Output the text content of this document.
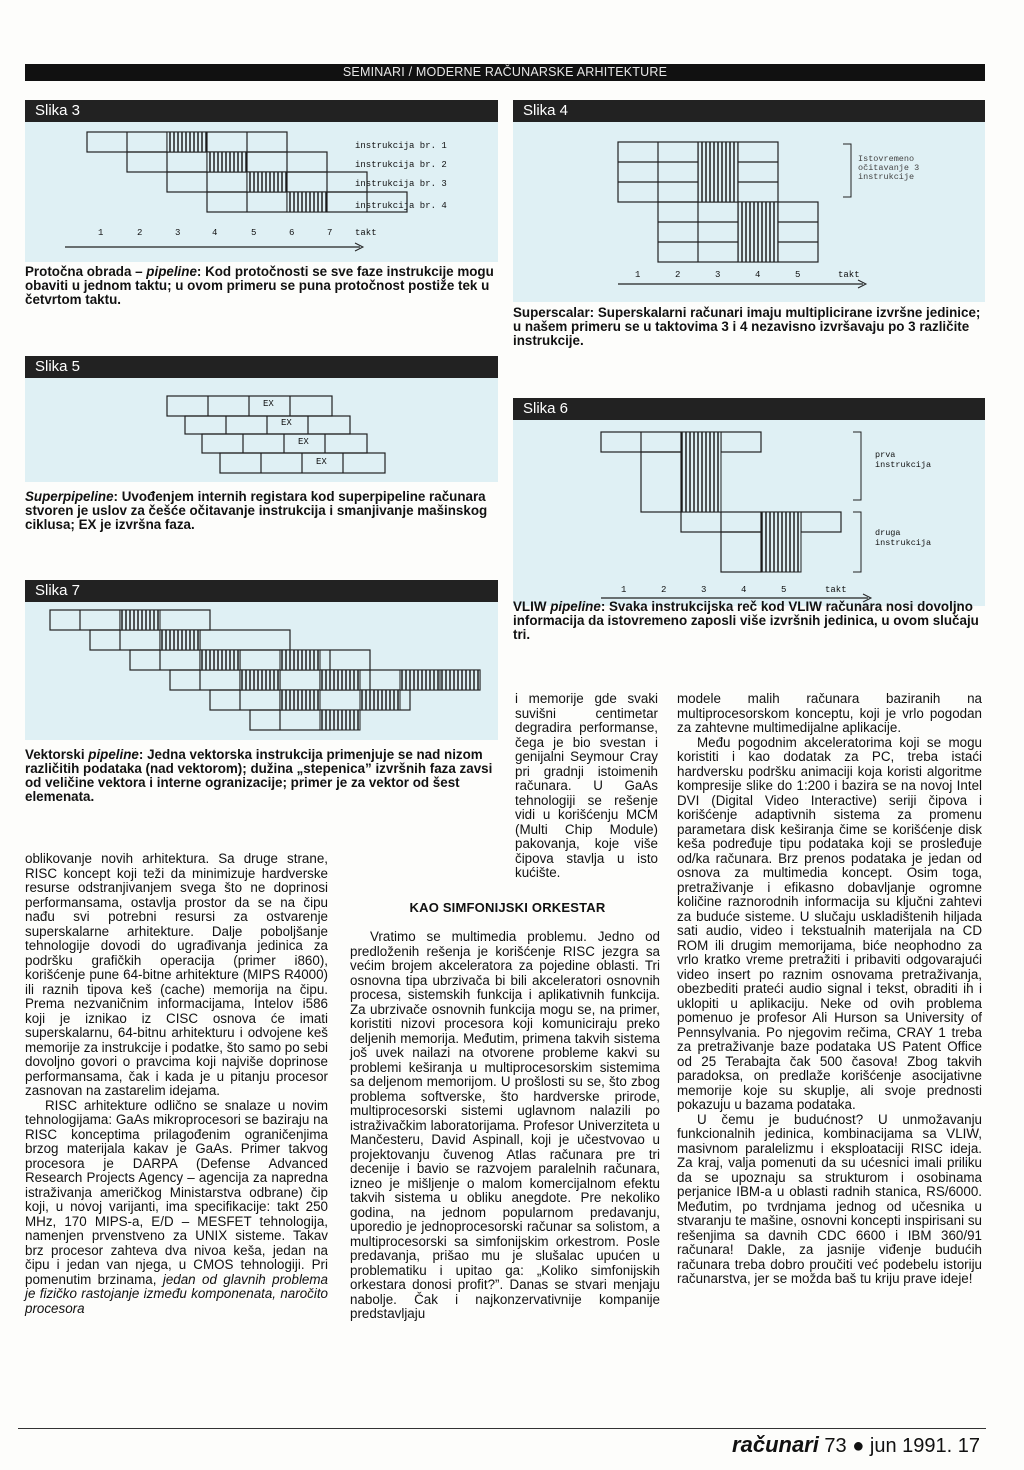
SEMINARI / MODERNE RAČUNARSKE ARHITEKTURE
Slika 3
instrukcija br. 1
instrukcija br. 2
instrukcija br. 3
instrukcija br. 4
1	2	3	4	5	6	7	takt
Protočna obrada – pipeline: Kod protočnosti se sve faze instrukcije mogu obaviti u jednom taktu; u ovom primeru se puna protočnost postiže tek u četvrtom taktu.
Slika 4
Istovremeno očitavanje 3 instrukcije
1	2	3	4	5	takt
Superscalar: Superskalarni računari imaju multiplicirane izvršne jedinice; u našem primeru se u taktovima 3 i 4 nezavisno izvršavaju po 3 različite instrukcije.
Slika 5
EX
EX
EX
EX
Superpipeline: Uvođenjem internih registara kod superpipeline računara stvoren je uslov za češće očitavanje instrukcija i smanjivanje mašinskog ciklusa; EX je izvršna faza.
Slika 6
prva instrukcija
druga instrukcija
1	2	3	4	5	takt
VLIW pipeline: Svaka instrukcijska reč kod VLIW računara nosi dovoljno informacija da istovremeno zaposli više izvršnih jedinica, u ovom slučaju tri.
Slika 7
Vektorski pipeline: Jedna vektorska instrukcija primenjuje se nad nizom različitih podataka (nad vektorom); dužina „stepenica” izvršnih faza zavsi od veličine vektora i interne ogranizacije; primer je za vektor od šest elemenata.

oblikovanje novih arhitektura. Sa druge strane, RISC koncept koji teži da minimizuje hardverske resurse odstranjivanjem svega što ne doprinosi performansama, ostavlja prostor da se na čipu nađu svi potrebni resursi za ostvarenje superskalarne arhitekture. Dalje poboljšanje tehnologije dovodi do ugrađivanja jedinica za podršku grafičkih operacija (primer i860), korišćenje pune 64-bitne arhitekture (MIPS R4000) ili raznih tipova keš (cache) memorija na čipu. Prema nezvaničnim informacijama, Intelov i586 koji je iznikao iz CISC osnova će imati superskalarnu, 64-bitnu arhitekturu i odvojene keš memorije za instrukcije i podatke, što samo po sebi dovoljno govori o pravcima koji najviše doprinose performansama, čak i kada je u pitanju procesor zasnovan na zastarelim idejama.

RISC arhitekture odlično se snalaze u novim tehnologijama: GaAs mikroprocesori se baziraju na RISC konceptima prilagođenim ograničenjima brzog materijala kakav je GaAs. Primer takvog procesora je DARPA (Defense Advanced Research Projects Agency – agencija za napredna istraživanja američkog Ministarstva odbrane) čip koji, u novoj varijanti, ima specifikacije: takt 250 MHz, 170 MIPS-a, E/D – MESFET tehnologija, namenjen prvenstveno za UNIX sisteme. Takav brz procesor zahteva dva nivoa keša, jedan na čipu i jedan van njega, u CMOS tehnologiji. Pri pomenutim brzinama, jedan od glavnih problema je fizičko rastojanje između komponenata, naročito procesora

i memorije gde svaki suvišni centimetar degradira performanse, čega je bio svestan i genijalni Seymour Cray pri gradnji istoimenih računara. U GaAs tehnologiji se rešenje vidi u korišćenju MCM (Multi Chip Module) pakovanja, koje više čipova stavlja u isto kućište.
KAO SIMFONIJSKI ORKESTAR

Vratimo se multimedia problemu. Jedno od predloženih rešenja je korišćenje RISC jezgra sa većim brojem akceleratora za pojedine oblasti. Tri osnovna tipa ubrzivača bi bili akceleratori osnovnih procesa, sistemskih funkcija i aplikativnih funkcija. Za ubrzivače osnovnih funkcija mogu se, na primer, koristiti nizovi procesora koji komuniciraju preko deljenih memorija. Međutim, primena takvih sistema još uvek nailazi na otvorene probleme kakvi su problemi keširanja u multiprocesorskim sistemima sa deljenom memorijom. U prošlosti su se, što zbog problema softverske, što hardverske prirode, multiprocesorski sistemi uglavnom nalazili po istraživačkim laboratorijama. Profesor Univerziteta u Mančesteru, David Aspinall, koji je učestvovao u projektovanju čuvenog Atlas računara pre tri decenije i bavio se razvojem paralelnih računara, izneo je mišljenje o malom komercijalnom efektu takvih sistema u obliku anegdote. Pre nekoliko godina, na jednom popularnom predavanju, uporedio je jednoprocesorski računar sa solistom, a multiprocesorski sa simfonijskim orkestrom. Posle predavanja, prišao mu je slušalac upućen u problematiku i upitao ga: „Koliko simfonijskih orkestara donosi profit?”. Danas se stvari menjaju nabolje. Čak i najkonzervativnije kompanije predstavljaju

modele malih računara baziranih na multiprocesorskom konceptu, koji je vrlo pogodan za zahtevne multimedijalne aplikacije.

Među pogodnim akceleratorima koji se mogu koristiti i kao dodatak za PC, treba istaći hardversku podršku animaciji koja koristi algoritme kompresije slike do 1:200 i bazira se na novoj Intel DVI (Digital Video Interactive) seriji čipova i korišćenje adaptivnih sistema za promenu parametara disk keširanja čime se korišćenje disk keša podređuje tipu podataka koji se prosleđuje od/ka računara. Brz prenos podataka je jedan od osnova za multimedia koncept. Osim toga, pretraživanje i efikasno dobavljanje ogromne količine raznorodnih informacija su ključni zahtevi za buduće sisteme. U slučaju uskladištenih hiljada sati audio, video i tekstualnih materijala na CD ROM ili drugim memorijama, biće neophodno za vrlo kratko vreme pretražiti i pribaviti odgovarajući video insert po raznim osnovama pretraživanja, obezbediti prateći audio signal i tekst, obraditi ih i uklopiti u aplikaciju. Neke od ovih problema pomenuo je profesor Ali Hurson sa University of Pennsylvania. Po njegovim rečima, CRAY 1 treba za pretraživanje baze podataka US Patent Office od 25 Terabajta čak 500 časova! Zbog takvih paradoksa, on predlaže korišćenje asocijativne memorije koje su skuplje, ali svoje prednosti pokazuju u bazama podataka.

U čemu je budućnost? U unmožavanju funkcionalnih jedinica, kombinacijama sa VLIW, masivnom paralelizmu i eksploataciji RISC ideja. Za kraj, valja pomenuti da su ućesnici imali priliku da se upoznaju sa strukturom i osobinama perjanice IBM-a u oblasti radnih stanica, RS/6000. Međutim, po tvrdnjama jednog od učesnika u stvaranju te mašine, osnovni koncepti inspirisani su rešenjima sa davnih CDC 6600 i IBM 360/91 računara! Dakle, za jasnije viđenje budućih računara treba dobro proučiti već podebelu istoriju računarstva, jer se možda baš tu kriju prave ideje!

računari 73 ● jun 1991. 17
